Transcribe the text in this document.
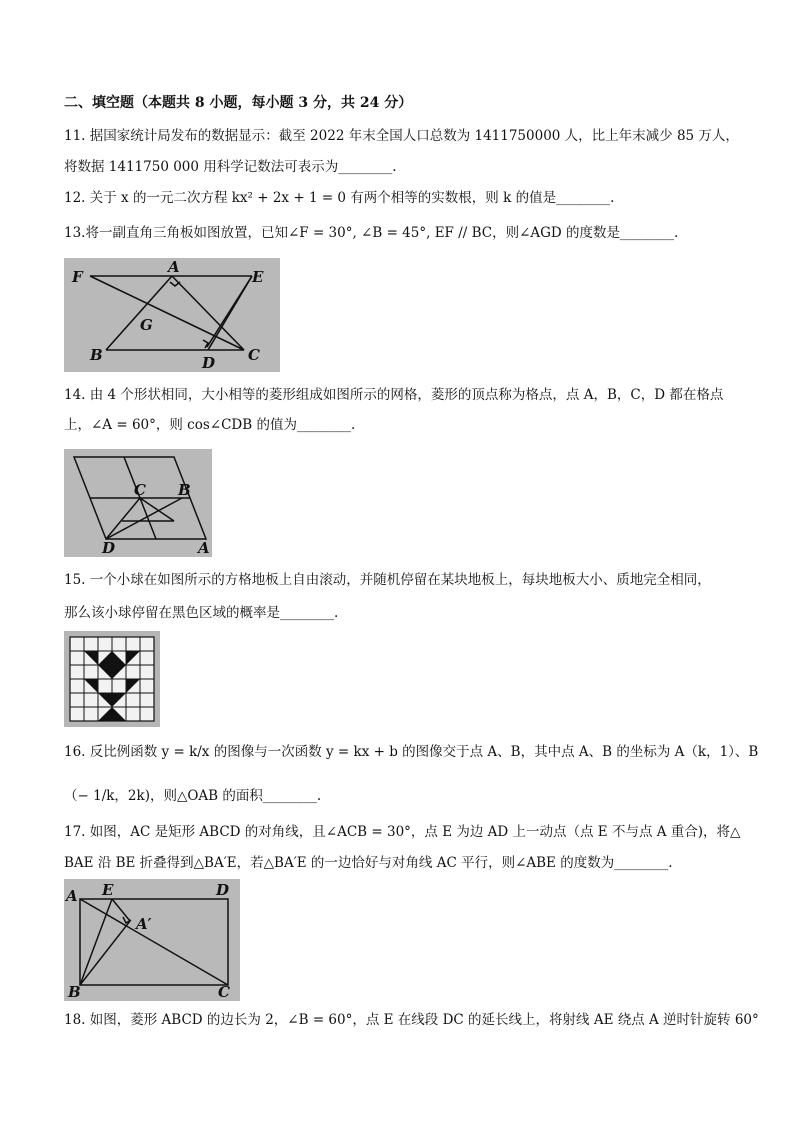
二、填空题（本题共 8 小题，每小题 3 分，共 24 分）
11. 据国家统计局发布的数据显示：截至 2022 年末全国人口总数为 1411750000 人，比上年末减少 85 万人，
将数据 1411750 000 用科学记数法可表示为________.
12. 关于 x 的一元二次方程 kx² + 2x + 1 = 0 有两个相等的实数根，则 k 的值是________.
13.将一副直角三角板如图放置，已知∠F = 30°, ∠B = 45°, EF // BC，则∠AGD 的度数是________.
F
A
E
G
B	D C
14. 由 4 个形状相同，大小相等的菱形组成如图所示的网格，菱形的顶点称为格点，点 A，B，C，D 都在格点
上，∠A = 60°，则 cos∠CDB 的值为________.
C B
D	A
15. 一个小球在如图所示的方格地板上自由滚动，并随机停留在某块地板上，每块地板大小、质地完全相同，
那么该小球停留在黑色区域的概率是________.
16. 反比例函数 y = k/x 的图像与一次函数 y = kx + b 的图像交于点 A、B，其中点 A、B 的坐标为 A（k，1）、B
（− 1/k，2k)，则△OAB 的面积________.
17. 如图，AC 是矩形 ABCD 的对角线，且∠ACB = 30°，点 E 为边 AD 上一动点（点 E 不与点 A 重合)，将△
BAE 沿 BE 折叠得到△BA′E，若△BA′E 的一边恰好与对角线 AC 平行，则∠ABE 的度数为________.
A E	D
A′
B	C
18. 如图，菱形 ABCD 的边长为 2，∠B = 60°，点 E 在线段 DC 的延长线上，将射线 AE 绕点 A 逆时针旋转 60°
